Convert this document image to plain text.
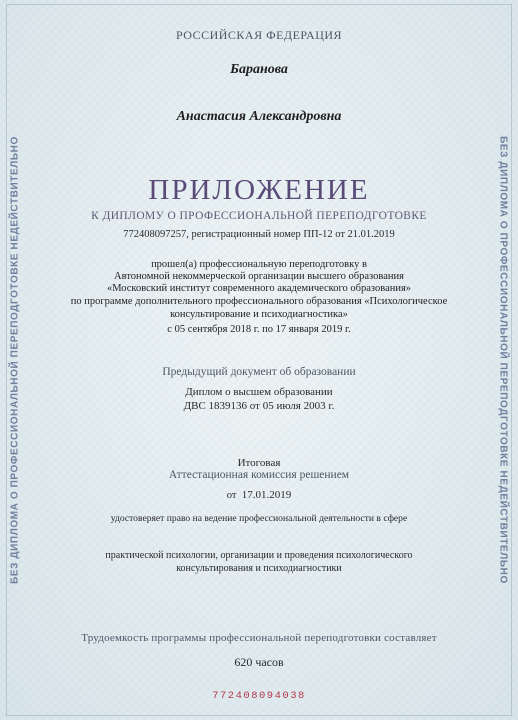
БЕЗ ДИПЛОМА О ПРОФЕССИОНАЛЬНОЙ ПЕРЕПОДГОТОВКЕ НЕДЕЙСТВИТЕЛЬНО	БЕЗ ДИПЛОМА О ПРОФЕССИОНАЛЬНОЙ ПЕРЕПОДГОТОВКЕ НЕДЕЙСТВИТЕЛЬНО
РОССИЙСКАЯ ФЕДЕРАЦИЯ
Баранова
Анастасия Александровна
ПРИЛОЖЕНИЕ
К ДИПЛОМУ О ПРОФЕССИОНАЛЬНОЙ ПЕРЕПОДГОТОВКЕ
772408097257, регистрационный номер ПП-12 от 21.01.2019
прошел(а) профессиональную переподготовку в
Автономной некоммерческой организации высшего образования
«Московский институт современного академического образования»
по программе дополнительного профессионального образования «Психологическое
консультирование и психодиагностика»
с 05 сентября 2018 г. по 17 января 2019 г.
Предыдущий документ об образовании
Диплом о высшем образовании
ДВС 1839136 от 05 июля 2003 г.
Итоговая
Аттестационная комиссия решением
от 17.01.2019
удостоверяет право на ведение профессиональной деятельности в сфере
практической психологии, организации и проведения психологического
консультирования и психодиагностики
Трудоемкость программы профессиональной переподготовки составляет
620 часов
772408094038
